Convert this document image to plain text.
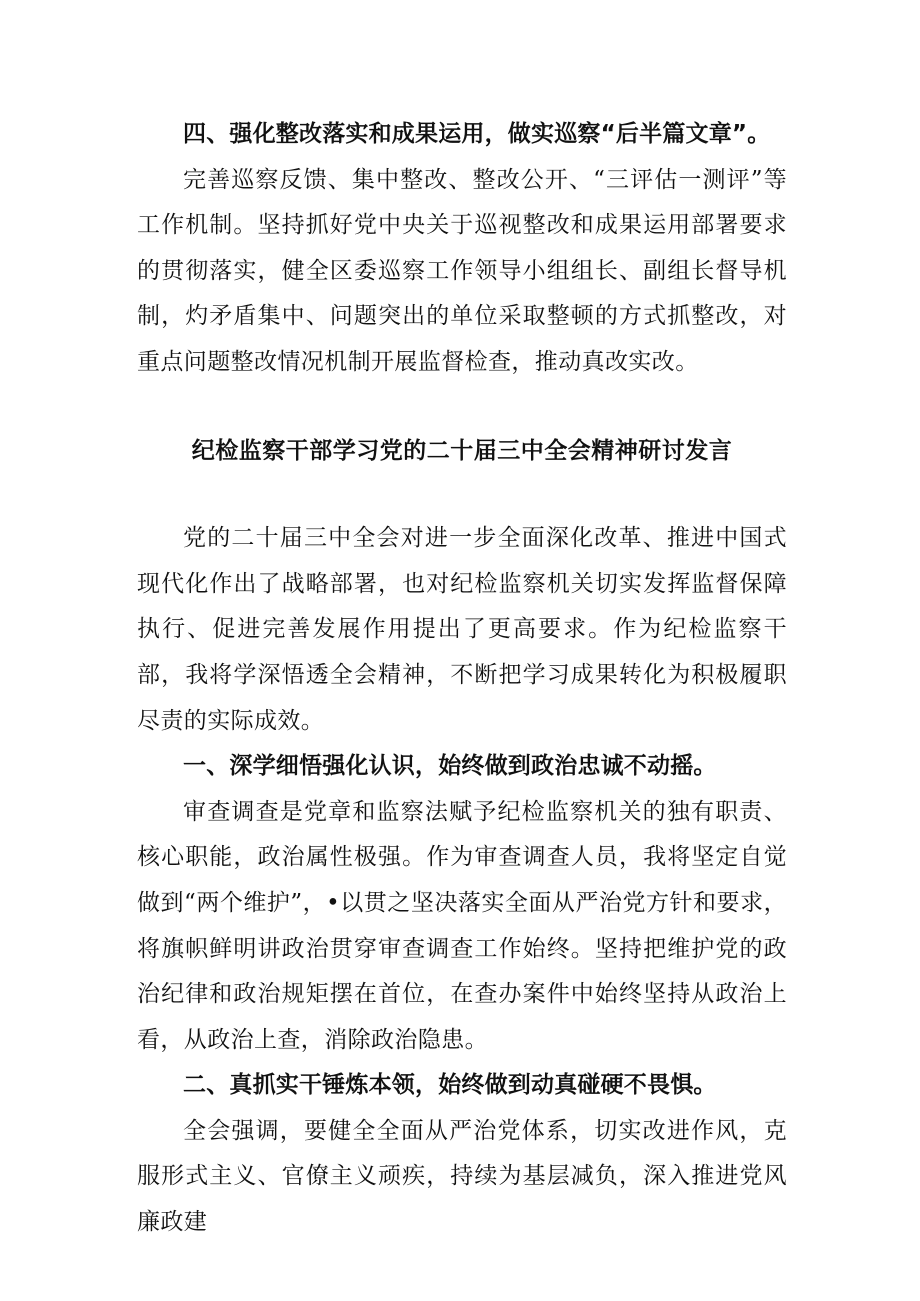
四、强化整改落实和成果运用，做实巡察“后半篇文章”。

完善巡察反馈、集中整改、整改公开、“三评估一测评”等工作机制。坚持抓好党中央关于巡视整改和成果运用部署要求的贯彻落实，健全区委巡察工作领导小组组长、副组长督导机制，灼矛盾集中、问题突出的单位采取整顿的方式抓整改，对重点问题整改情况机制开展监督检查，推动真改实改。

纪检监察干部学习党的二十届三中全会精神研讨发言

党的二十届三中全会对进一步全面深化改革、推进中国式现代化作出了战略部署，也对纪检监察机关切实发挥监督保障执行、促进完善发展作用提出了更高要求。作为纪检监察干部，我将学深悟透全会精神，不断把学习成果转化为积极履职尽责的实际成效。

一、深学细悟强化认识，始终做到政治忠诚不动摇。

审查调查是党章和监察法赋予纪检监察机关的独有职责、核心职能，政治属性极强。作为审查调查人员，我将坚定自觉做到“两个维护”，•以贯之坚决落实全面从严治党方针和要求，将旗帜鲜明讲政治贯穿审查调查工作始终。坚持把维护党的政治纪律和政治规矩摆在首位，在查办案件中始终坚持从政治上看，从政治上查，消除政治隐患。

二、真抓实干锤炼本领，始终做到动真碰硬不畏惧。

全会强调，要健全全面从严治党体系，切实改进作风，克服形式主义、官僚主义顽疾，持续为基层减负，深入推进党风廉政建
